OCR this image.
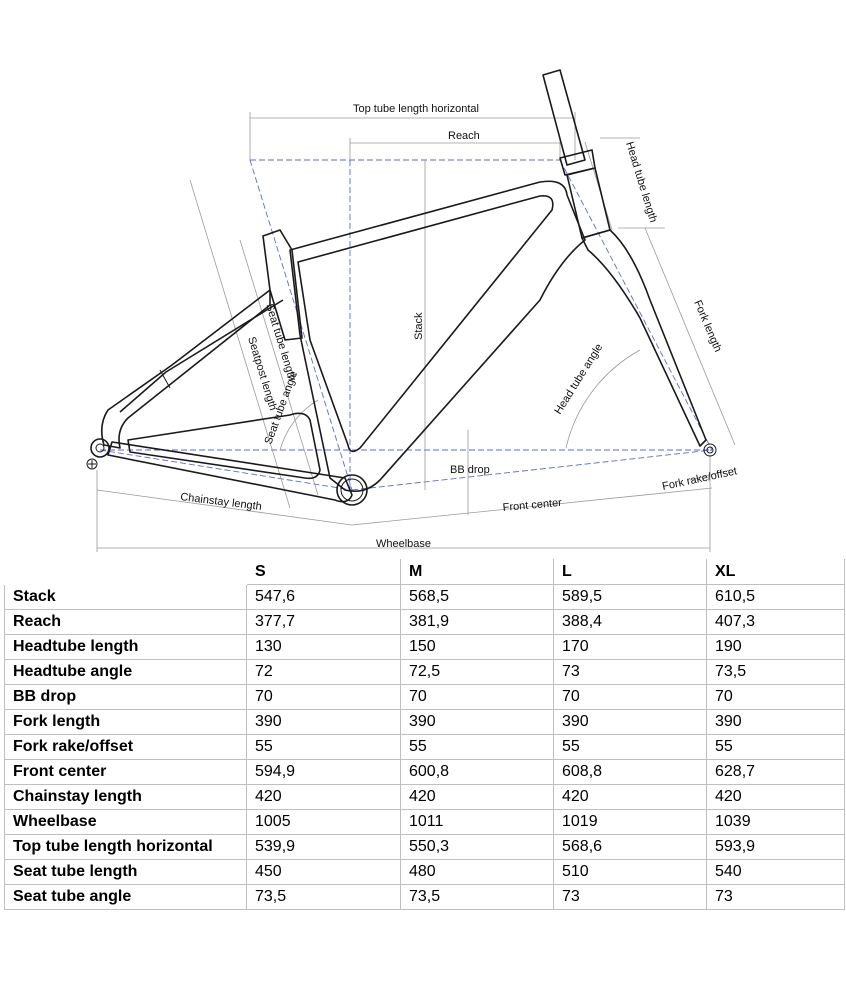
Top tube length horizontal
Reach
Head tube length
Stack	Fork length
Head tube angle
Seat tube length
Seatpost length
Seat tube angle
BB drop	Fork rake/offset
Chainstay length	Front center
Wheelbase
	S	M	L	XL
Stack	547,6	568,5	589,5	610,5
Reach	377,7	381,9	388,4	407,3
Headtube length	130	150	170	190
Headtube angle	72	72,5	73	73,5
BB drop	70	70	70	70
Fork length	390	390	390	390
Fork rake/offset	55	55	55	55
Front center	594,9	600,8	608,8	628,7
Chainstay length	420	420	420	420
Wheelbase	1005	1011	1019	1039
Top tube length horizontal	539,9	550,3	568,6	593,9
Seat tube length	450	480	510	540
Seat tube angle	73,5	73,5	73	73
